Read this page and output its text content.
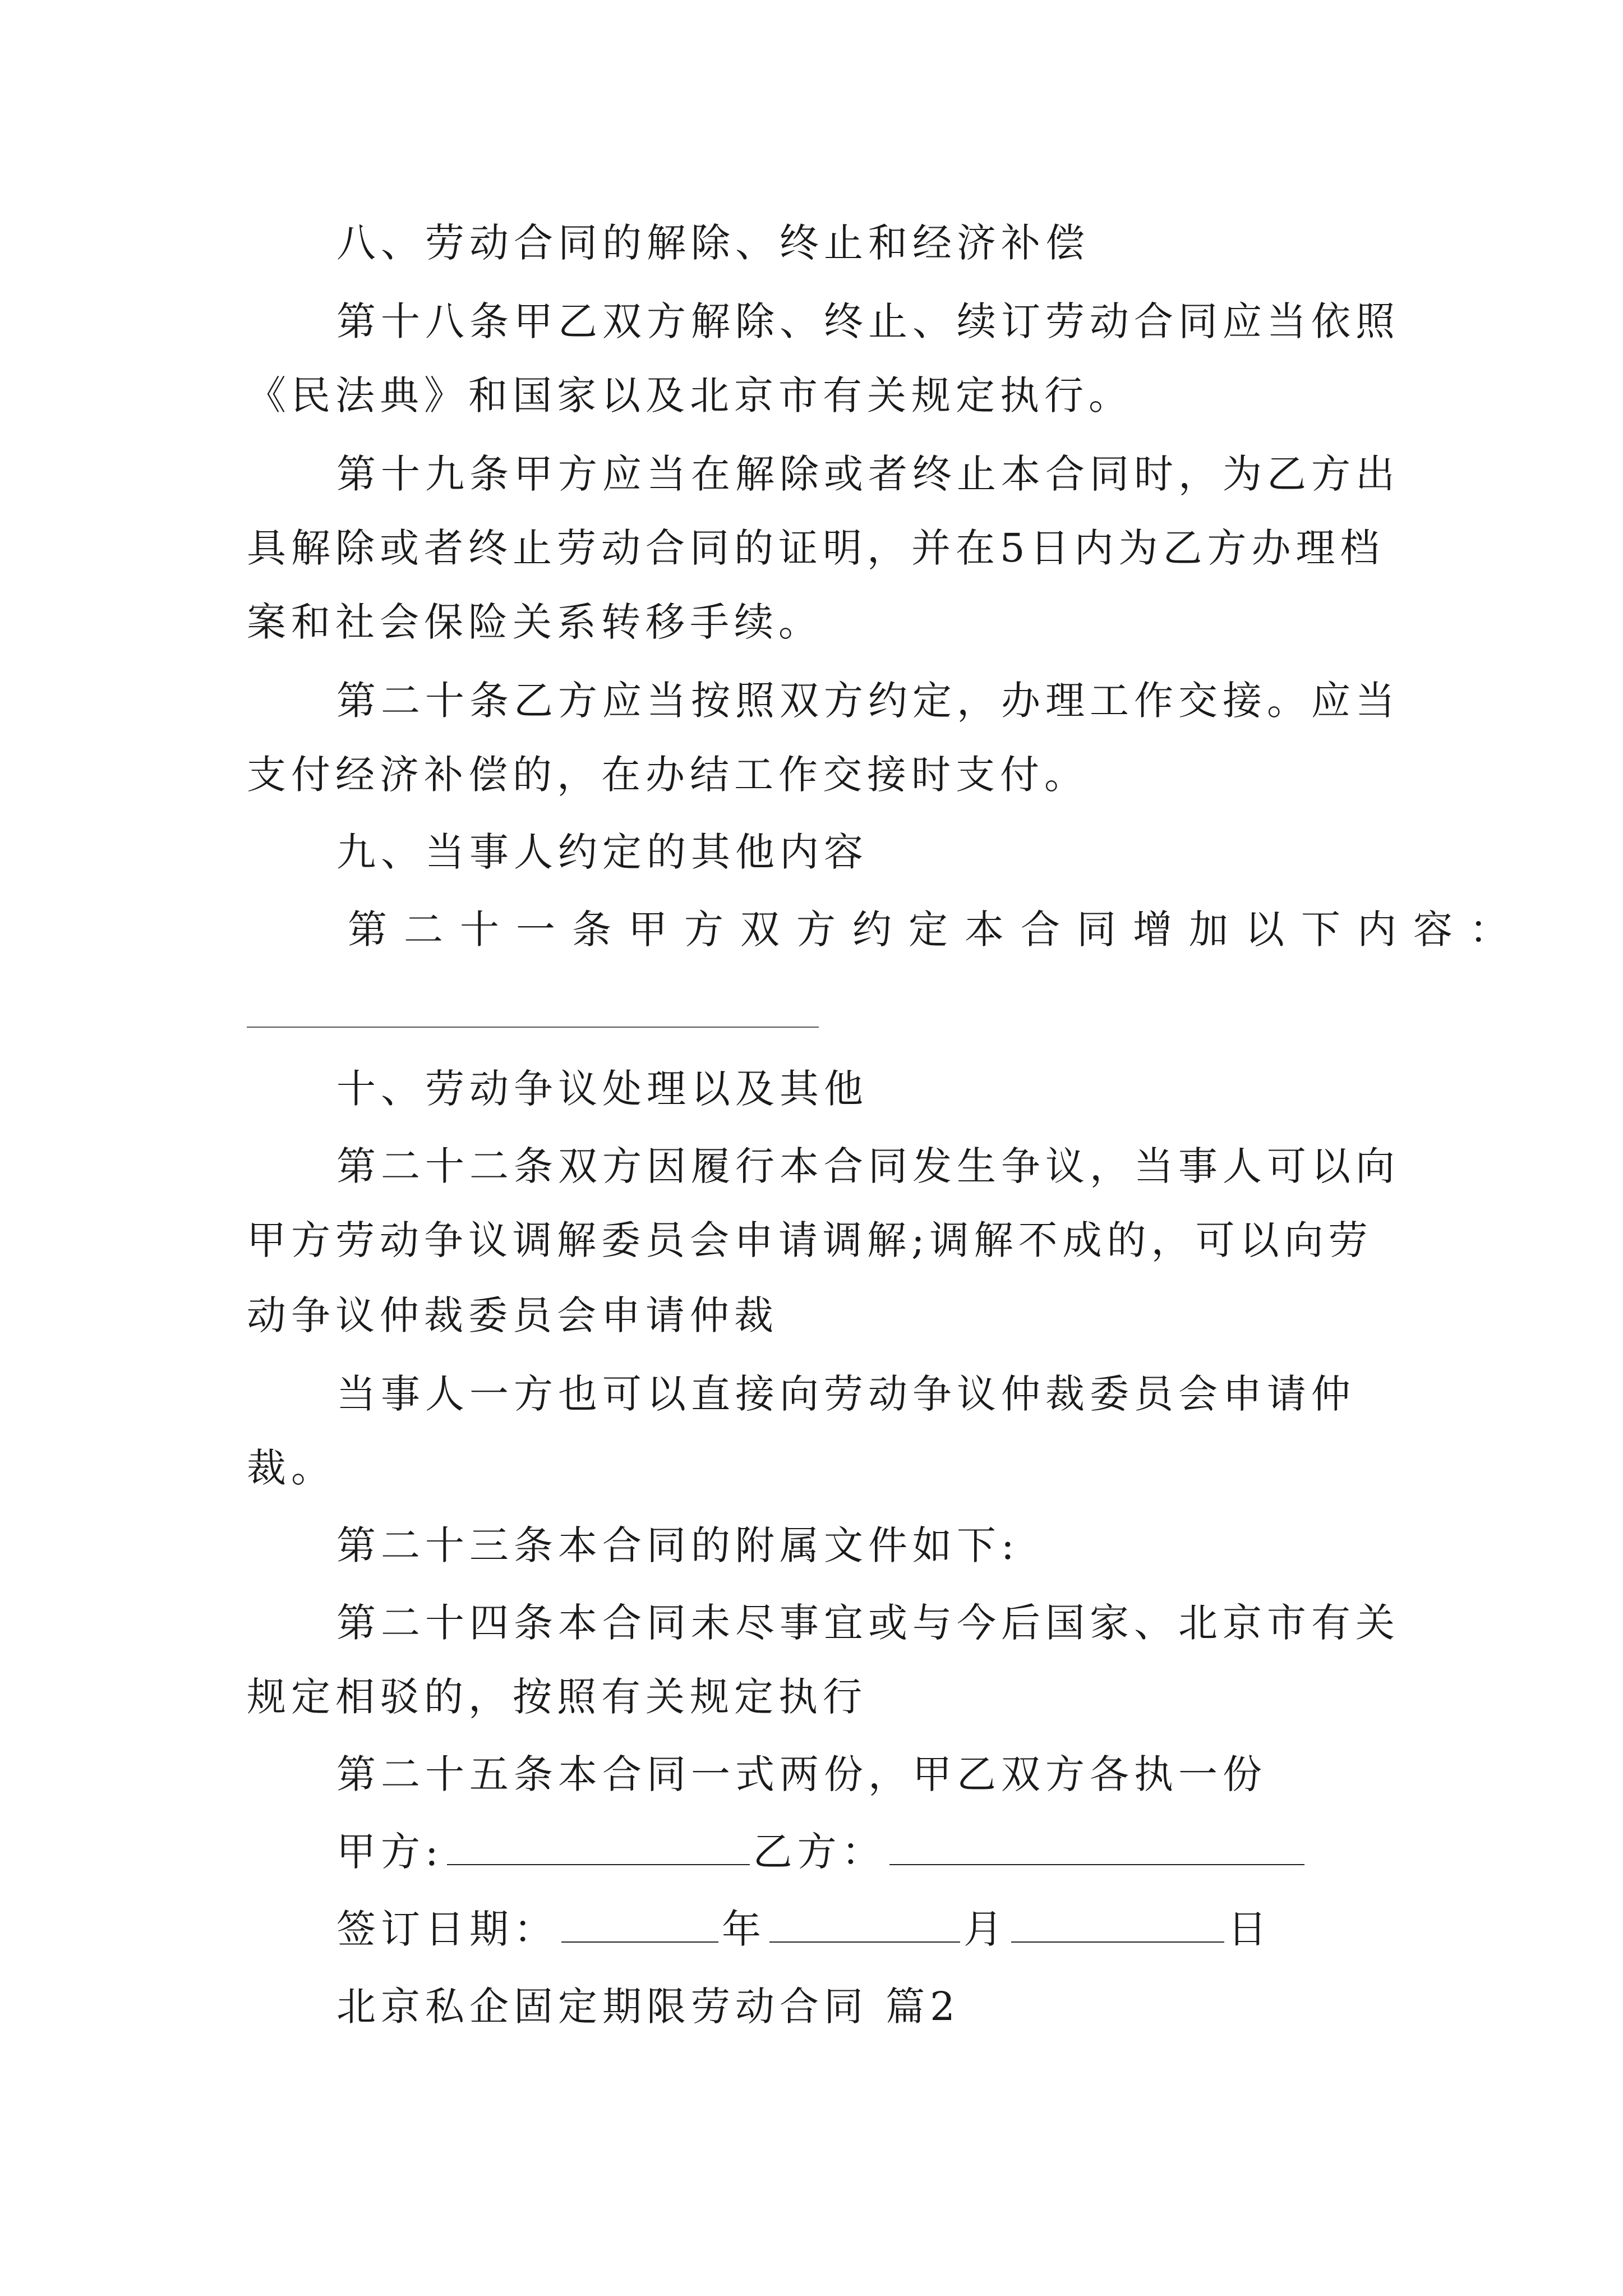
八、劳动合同的解除、终止和经济补偿
第十八条甲乙双方解除、终止、续订劳动合同应当依照
《民法典》和国家以及北京市有关规定执行。
第十九条甲方应当在解除或者终止本合同时，为乙方出
具解除或者终止劳动合同的证明，并在5日内为乙方办理档
案和社会保险关系转移手续。
第二十条乙方应当按照双方约定，办理工作交接。应当
支付经济补偿的，在办结工作交接时支付。
九、当事人约定的其他内容
第二十一条甲方双方约定本合同增加以下内容：
十、劳动争议处理以及其他
第二十二条双方因履行本合同发生争议，当事人可以向
甲方劳动争议调解委员会申请调解;调解不成的，可以向劳
动争议仲裁委员会申请仲裁
当事人一方也可以直接向劳动争议仲裁委员会申请仲
裁。
第二十三条本合同的附属文件如下:
第二十四条本合同未尽事宜或与今后国家、北京市有关
规定相驳的，按照有关规定执行
第二十五条本合同一式两份，甲乙双方各执一份
甲方:	乙方：
签订日期：	年	月	日
北京私企固定期限劳动合同 篇2
